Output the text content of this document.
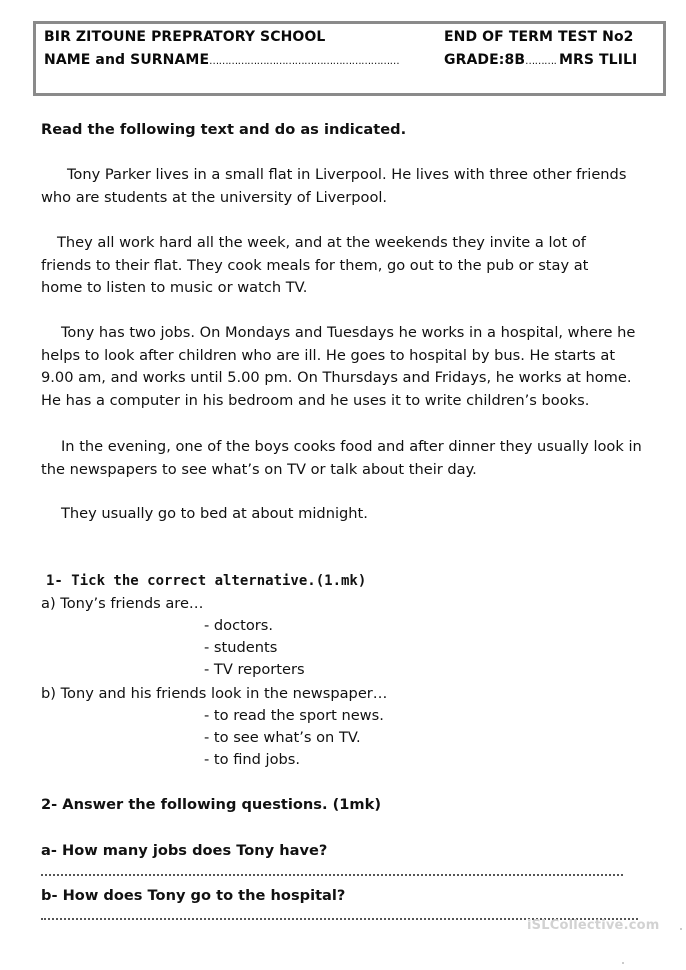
BIR ZITOUNE PREPRATORY SCHOOL	END OF TERM TEST No2
NAME and SURNAME……………………………………………………	GRADE:8B………. MRS TLILI
Read the following text and do as indicated.
Tony Parker lives in a small flat in Liverpool. He lives with three other friends
who are students at the university of Liverpool.
They all work hard all the week, and at the weekends they invite a lot of
friends to their flat. They cook meals for them, go out to the pub or stay at
home to listen to music or watch TV.
Tony has two jobs. On Mondays and Tuesdays he works in a hospital, where he
helps to look after children who are ill. He goes to hospital by bus. He starts at
9.00 am, and works until 5.00 pm. On Thursdays and Fridays, he works at home.
He has a computer in his bedroom and he uses it to write children’s books.
In the evening, one of the boys cooks food and after dinner they usually look in
the newspapers to see what’s on TV or talk about their day.
They usually go to bed at about midnight.
1- Tick the correct alternative.(1.mk)
a) Tony’s friends are…
- doctors.
- students
- TV reporters
b) Tony and his friends look in the newspaper…
- to read the sport news.
- to see what’s on TV.
- to find jobs.
2- Answer the following questions. (1mk)
a- How many jobs does Tony have?
b- How does Tony go to the hospital?
iSLCollective.com
